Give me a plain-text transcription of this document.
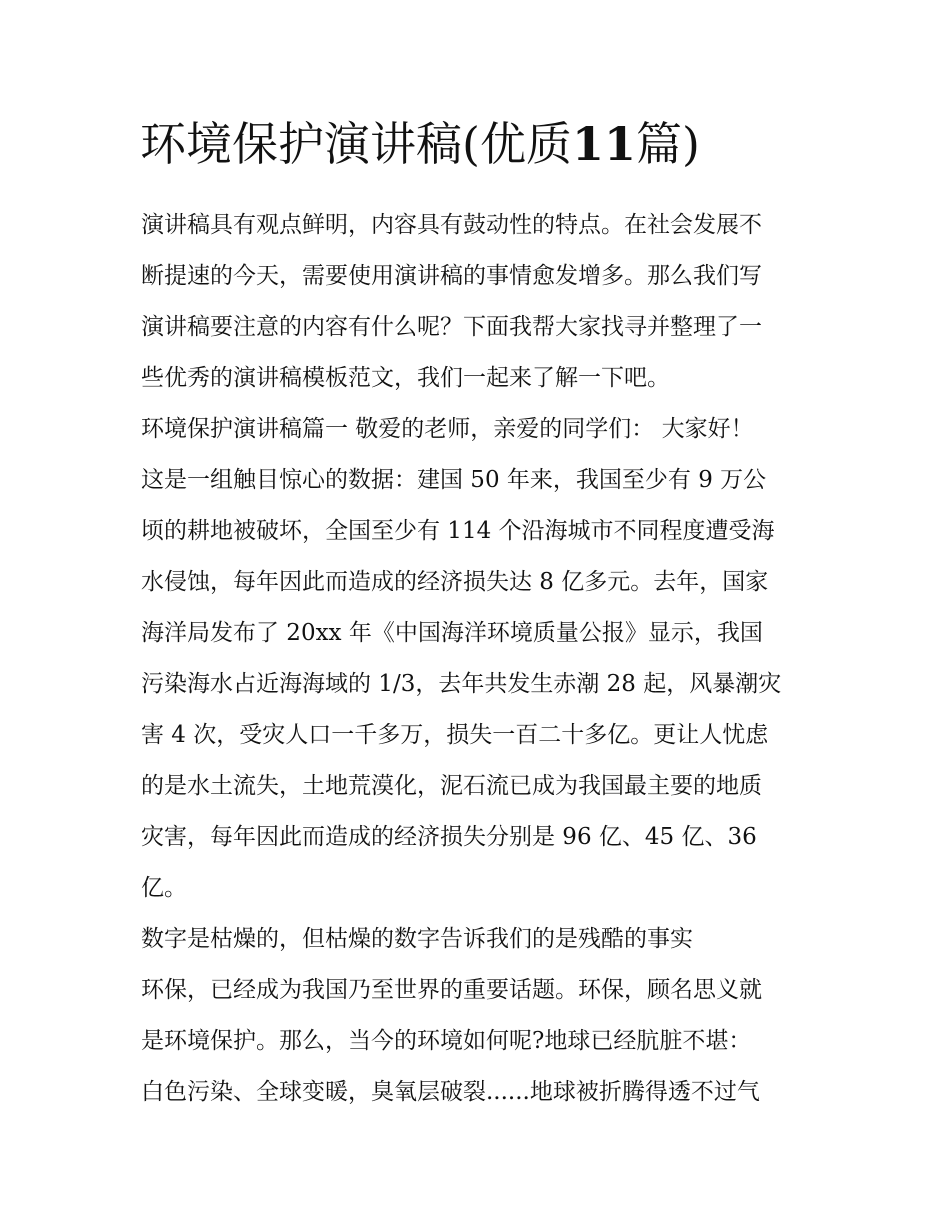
环境保护演讲稿(优质11篇)
演讲稿具有观点鲜明，内容具有鼓动性的特点。在社会发展不
断提速的今天，需要使用演讲稿的事情愈发增多。那么我们写
演讲稿要注意的内容有什么呢？下面我帮大家找寻并整理了一
些优秀的演讲稿模板范文，我们一起来了解一下吧。
环境保护演讲稿篇一 敬爱的老师，亲爱的同学们： 大家好！
这是一组触目惊心的数据：建国 50 年来，我国至少有 9 万公
顷的耕地被破坏，全国至少有 114 个沿海城市不同程度遭受海
水侵蚀，每年因此而造成的经济损失达 8 亿多元。去年，国家
海洋局发布了 20xx 年《中国海洋环境质量公报》显示，我国
污染海水占近海海域的 1/3，去年共发生赤潮 28 起，风暴潮灾
害 4 次，受灾人口一千多万，损失一百二十多亿。更让人忧虑
的是水土流失，土地荒漠化，泥石流已成为我国最主要的地质
灾害，每年因此而造成的经济损失分别是 96 亿、45 亿、36
亿。
数字是枯燥的，但枯燥的数字告诉我们的是残酷的事实
环保，已经成为我国乃至世界的重要话题。环保，顾名思义就
是环境保护。那么，当今的环境如何呢?地球已经肮脏不堪：
白色污染、全球变暖，臭氧层破裂......地球被折腾得透不过气
